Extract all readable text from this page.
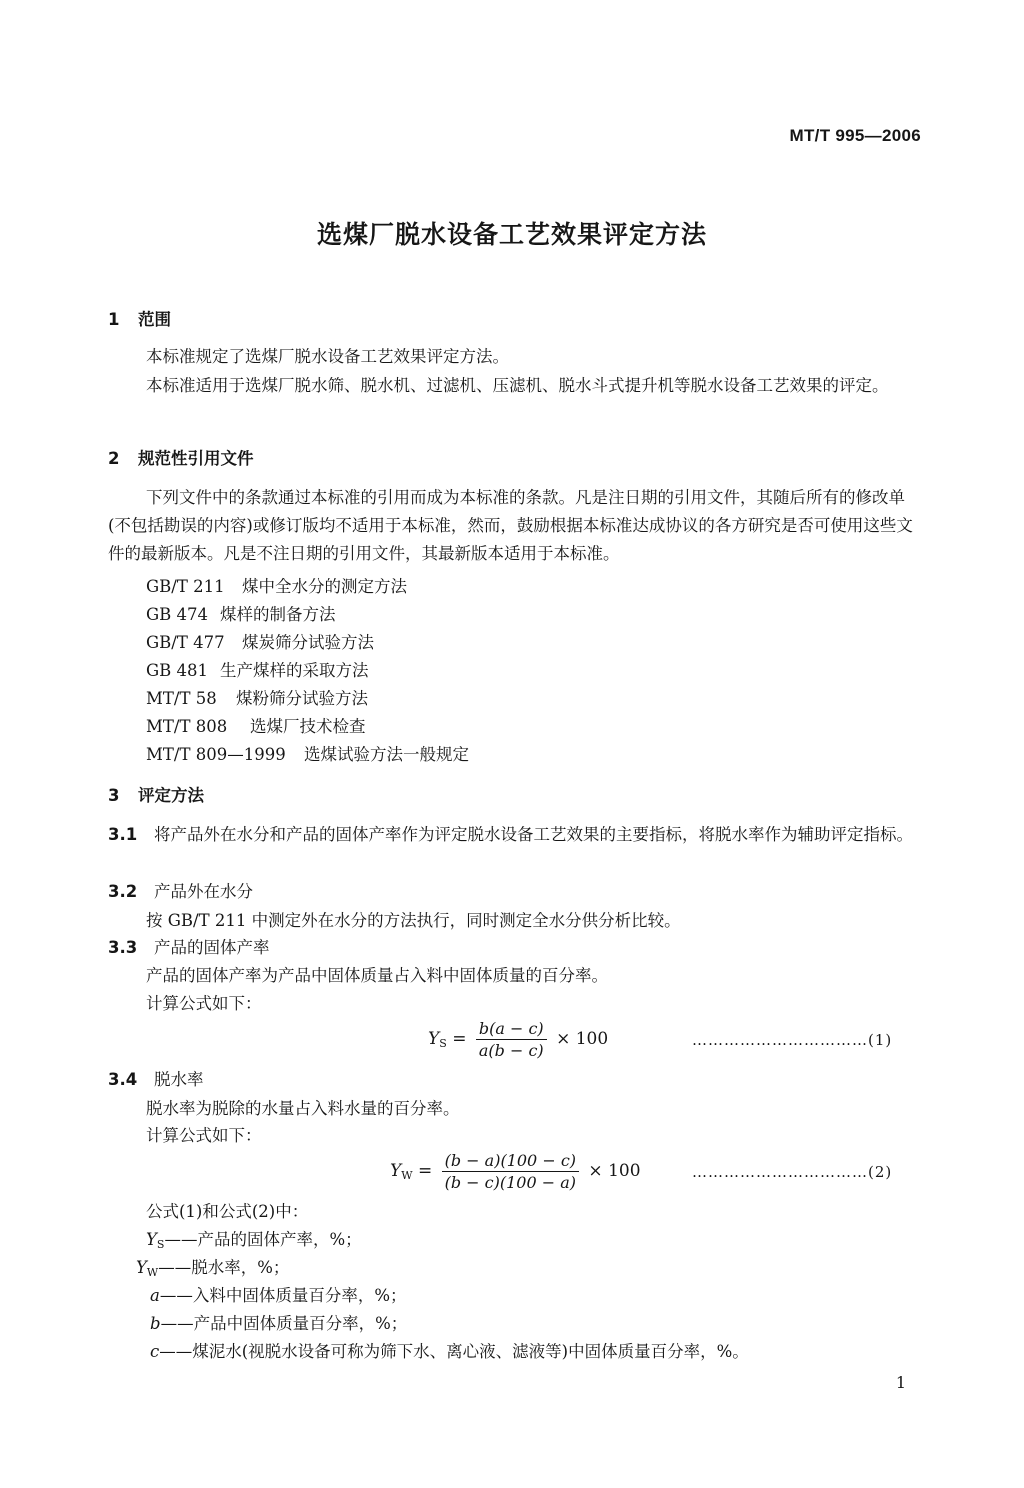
MT/T 995—2006
选煤厂脱水设备工艺效果评定方法
1 范围
本标准规定了选煤厂脱水设备工艺效果评定方法。
本标准适用于选煤厂脱水筛、脱水机、过滤机、压滤机、脱水斗式提升机等脱水设备工艺效果的评定。
2 规范性引用文件
下列文件中的条款通过本标准的引用而成为本标准的条款。凡是注日期的引用文件，其随后所有的修改单(不包括勘误的内容)或修订版均不适用于本标准，然而，鼓励根据本标准达成协议的各方研究是否可使用这些文件的最新版本。凡是不注日期的引用文件，其最新版本适用于本标准。
GB/T 211 煤中全水分的测定方法
GB 474 煤样的制备方法
GB/T 477 煤炭筛分试验方法
GB 481 生产煤样的采取方法
MT/T 58 煤粉筛分试验方法
MT/T 808 选煤厂技术检查
MT/T 809—1999 选煤试验方法一般规定
3 评定方法
3.1 将产品外在水分和产品的固体产率作为评定脱水设备工艺效果的主要指标，将脱水率作为辅助评定指标。
3.2 产品外在水分
按 GB/T 211 中测定外在水分的方法执行，同时测定全水分供分析比较。
3.3 产品的固体产率
产品的固体产率为产品中固体质量占入料中固体质量的百分率。
计算公式如下：
YS = $\frac{b(a - c)}{a(b - c)} \times 100$	……………………………(1)
3.4 脱水率
脱水率为脱除的水量占入料水量的百分率。
计算公式如下：
YW = $\frac{(b - a)(100 - c)}{(b - c)(100 - a)} \times 100$	……………………………(2)
公式(1)和公式(2)中：
YS——产品的固体产率，%；
YW——脱水率，%；
a——入料中固体质量百分率，%；
b——产品中固体质量百分率，%；
c——煤泥水(视脱水设备可称为筛下水、离心液、滤液等)中固体质量百分率，%。
1
